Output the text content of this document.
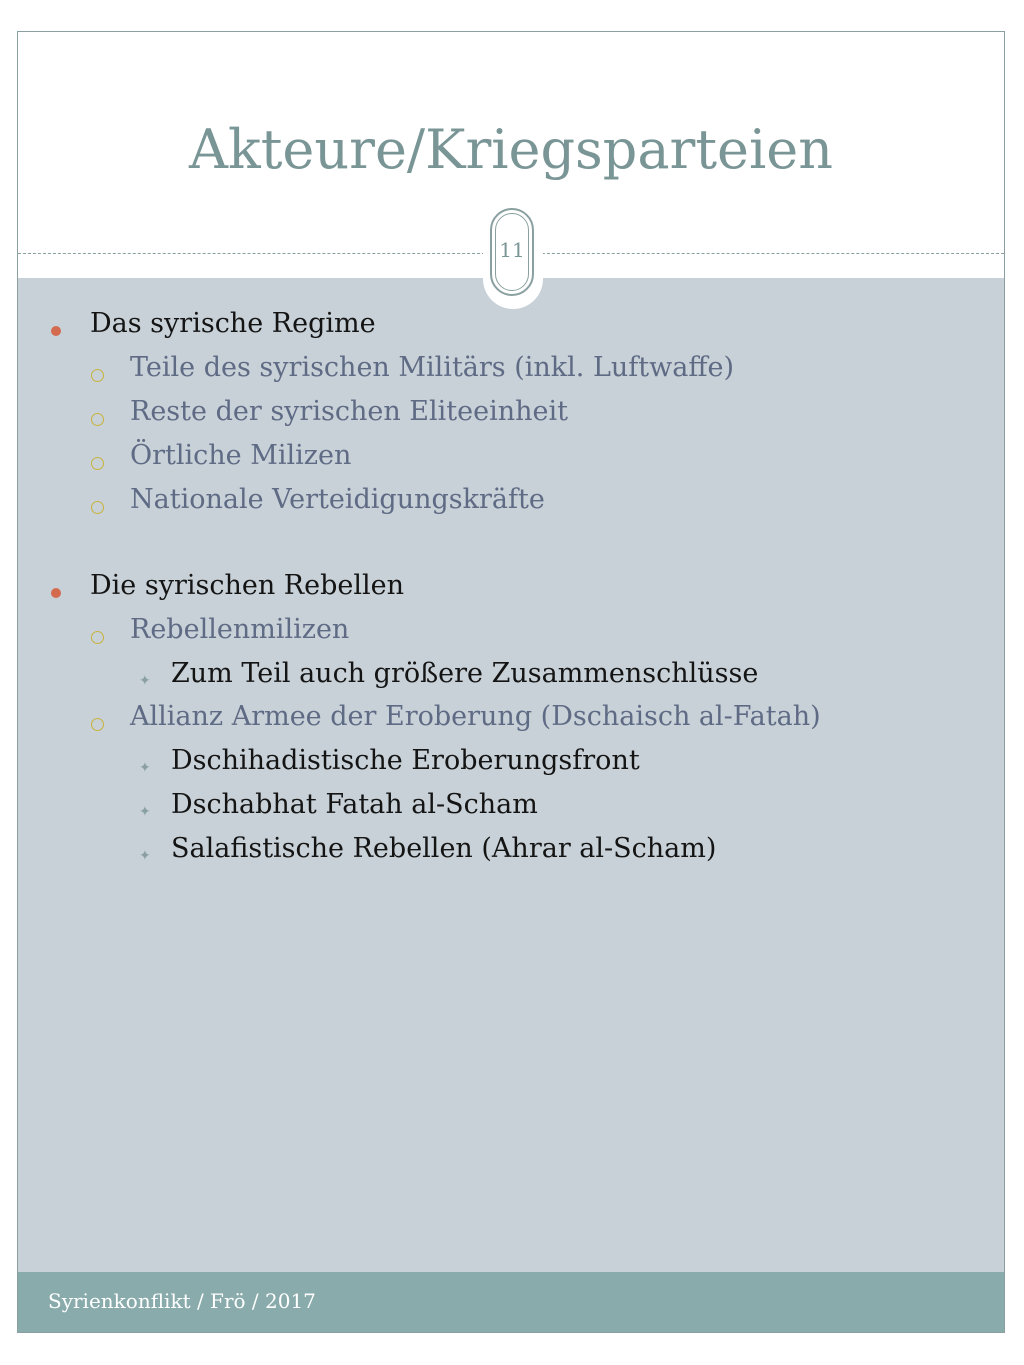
Akteure/Kriegsparteien
11
Das syrische Regime
Teile des syrischen Militärs (inkl. Luftwaffe)
Reste der syrischen Eliteeinheit
Örtliche Milizen
Nationale Verteidigungskräfte
Die syrischen Rebellen
Rebellenmilizen
✦ Zum Teil auch größere Zusammenschlüsse
Allianz Armee der Eroberung (Dschaisch al-Fatah)
✦ Dschihadistische Eroberungsfront
✦ Dschabhat Fatah al-Scham
✦ Salafistische Rebellen (Ahrar al-Scham)
Syrienkonflikt / Frö / 2017
